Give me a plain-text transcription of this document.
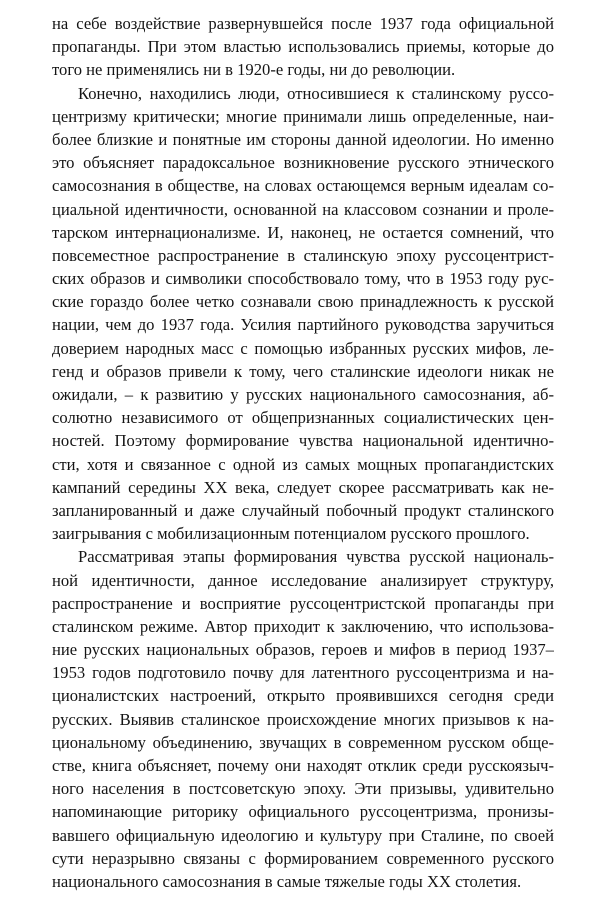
на себе воздействие развернувшейся после 1937 года официальной
пропаганды. При этом властью использовались приемы, которые до
того не применялись ни в 1920-е годы, ни до революции.
Конечно, находились люди, относившиеся к сталинскому руссо-
центризму критически; многие принимали лишь определенные, наи-
более близкие и понятные им стороны данной идеологии. Но именно
это объясняет парадоксальное возникновение русского этнического
самосознания в обществе, на словах остающемся верным идеалам со-
циальной идентичности, основанной на классовом сознании и проле-
тарском интернационализме. И, наконец, не остается сомнений, что
повсеместное распространение в сталинскую эпоху руссоцентрист-
ских образов и символики способствовало тому, что в 1953 году рус-
ские гораздо более четко сознавали свою принадлежность к русской
нации, чем до 1937 года. Усилия партийного руководства заручиться
доверием народных масс с помощью избранных русских мифов, ле-
генд и образов привели к тому, чего сталинские идеологи никак не
ожидали, – к развитию у русских национального самосознания, аб-
солютно независимого от общепризнанных социалистических цен-
ностей. Поэтому формирование чувства национальной идентично-
сти, хотя и связанное с одной из самых мощных пропагандистских
кампаний середины XX века, следует скорее рассматривать как не-
запланированный и даже случайный побочный продукт сталинского
заигрывания с мобилизационным потенциалом русского прошлого.
Рассматривая этапы формирования чувства русской националь-
ной идентичности, данное исследование анализирует структуру,
распространение и восприятие руссоцентристской пропаганды при
сталинском режиме. Автор приходит к заключению, что использова-
ние русских национальных образов, героев и мифов в период 1937–
1953 годов подготовило почву для латентного руссоцентризма и на-
ционалистских настроений, открыто проявившихся сегодня среди
русских. Выявив сталинское происхождение многих призывов к на-
циональному объединению, звучащих в современном русском обще-
стве, книга объясняет, почему они находят отклик среди русскоязыч-
ного населения в постсоветскую эпоху. Эти призывы, удивительно
напоминающие риторику официального руссоцентризма, пронизы-
вавшего официальную идеологию и культуру при Сталине, по своей
сути неразрывно связаны с формированием современного русского
национального самосознания в самые тяжелые годы XX столетия.
